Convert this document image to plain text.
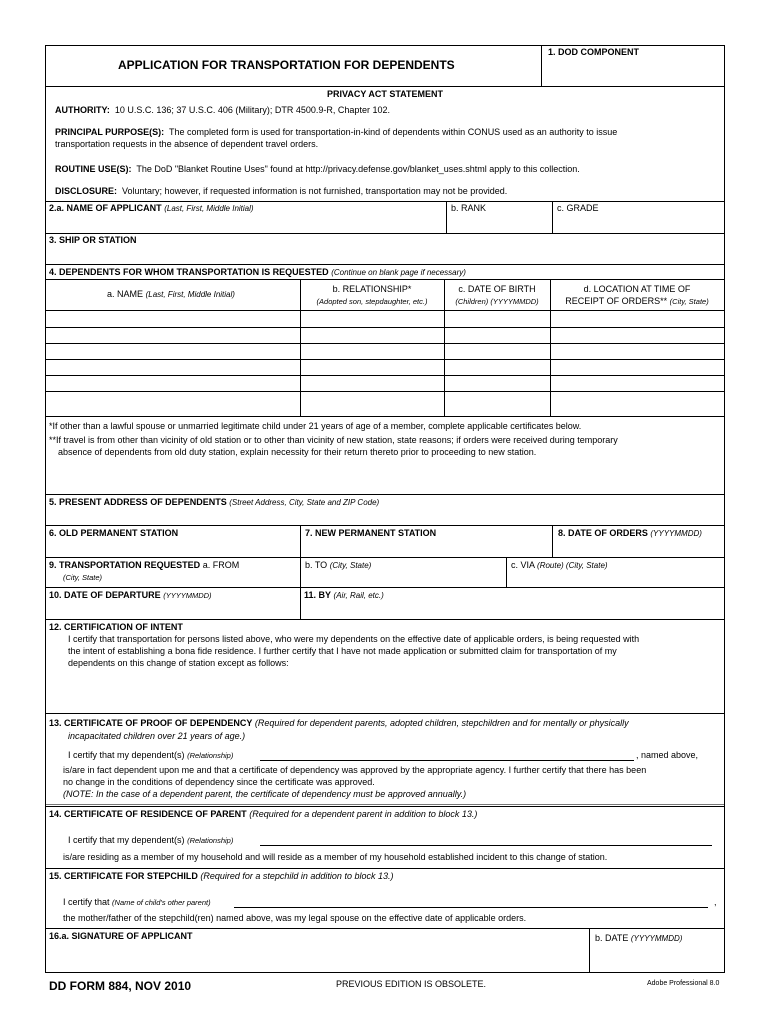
APPLICATION FOR TRANSPORTATION FOR DEPENDENTS
1. DOD COMPONENT
PRIVACY ACT STATEMENT
AUTHORITY: 10 U.S.C. 136; 37 U.S.C. 406 (Military); DTR 4500.9-R, Chapter 102.
PRINCIPAL PURPOSE(S): The completed form is used for transportation-in-kind of dependents within CONUS used as an authority to issue
transportation requests in the absence of dependent travel orders.
ROUTINE USE(S): The DoD "Blanket Routine Uses" found at http://privacy.defense.gov/blanket_uses.shtml apply to this collection.
DISCLOSURE: Voluntary; however, if requested information is not furnished, transportation may not be provided.
2.a. NAME OF APPLICANT (Last, First, Middle Initial)	b. RANK	c. GRADE
3. SHIP OR STATION
4. DEPENDENTS FOR WHOM TRANSPORTATION IS REQUESTED (Continue on blank page if necessary)
a. NAME (Last, First, Middle Initial)
b. RELATIONSHIP*
(Adopted son, stepdaughter, etc.)
c. DATE OF BIRTH
(Children) (YYYYMMDD)
d. LOCATION AT TIME OF
RECEIPT OF ORDERS** (City, State)
*If other than a lawful spouse or unmarried legitimate child under 21 years of age of a member, complete applicable certificates below.
**If travel is from other than vicinity of old station or to other than vicinity of new station, state reasons; if orders were received during temporary
absence of dependents from old duty station, explain necessity for their return thereto prior to proceeding to new station.
5. PRESENT ADDRESS OF DEPENDENTS (Street Address, City, State and ZIP Code)
6. OLD PERMANENT STATION	7. NEW PERMANENT STATION	8. DATE OF ORDERS (YYYYMMDD)
9. TRANSPORTATION REQUESTED a. FROM
(City, State)
b. TO (City, State)	c. VIA (Route) (City, State)
10. DATE OF DEPARTURE (YYYYMMDD)	11. BY (Air, Rail, etc.)
12. CERTIFICATION OF INTENT
I certify that transportation for persons listed above, who were my dependents on the effective date of applicable orders, is being requested with
the intent of establishing a bona fide residence. I further certify that I have not made application or submitted claim for transportation of my
dependents on this change of station except as follows:
13. CERTIFICATE OF PROOF OF DEPENDENCY (Required for dependent parents, adopted children, stepchildren and for mentally or physically
incapacitated children over 21 years of age.)
I certify that my dependent(s) (Relationship)	, named above,
is/are in fact dependent upon me and that a certificate of dependency was approved by the appropriate agency. I further certify that there has been
no change in the conditions of dependency since the certificate was approved.
(NOTE: In the case of a dependent parent, the certificate of dependency must be approved annually.)
14. CERTIFICATE OF RESIDENCE OF PARENT (Required for a dependent parent in addition to block 13.)
I certify that my dependent(s) (Relationship)
is/are residing as a member of my household and will reside as a member of my household established incident to this change of station.
15. CERTIFICATE FOR STEPCHILD (Required for a stepchild in addition to block 13.)
I certify that (Name of child's other parent)	,
the mother/father of the stepchild(ren) named above, was my legal spouse on the effective date of applicable orders.
16.a. SIGNATURE OF APPLICANT	b. DATE (YYYYMMDD)
DD FORM 884, NOV 2010	PREVIOUS EDITION IS OBSOLETE.	Adobe Professional 8.0
